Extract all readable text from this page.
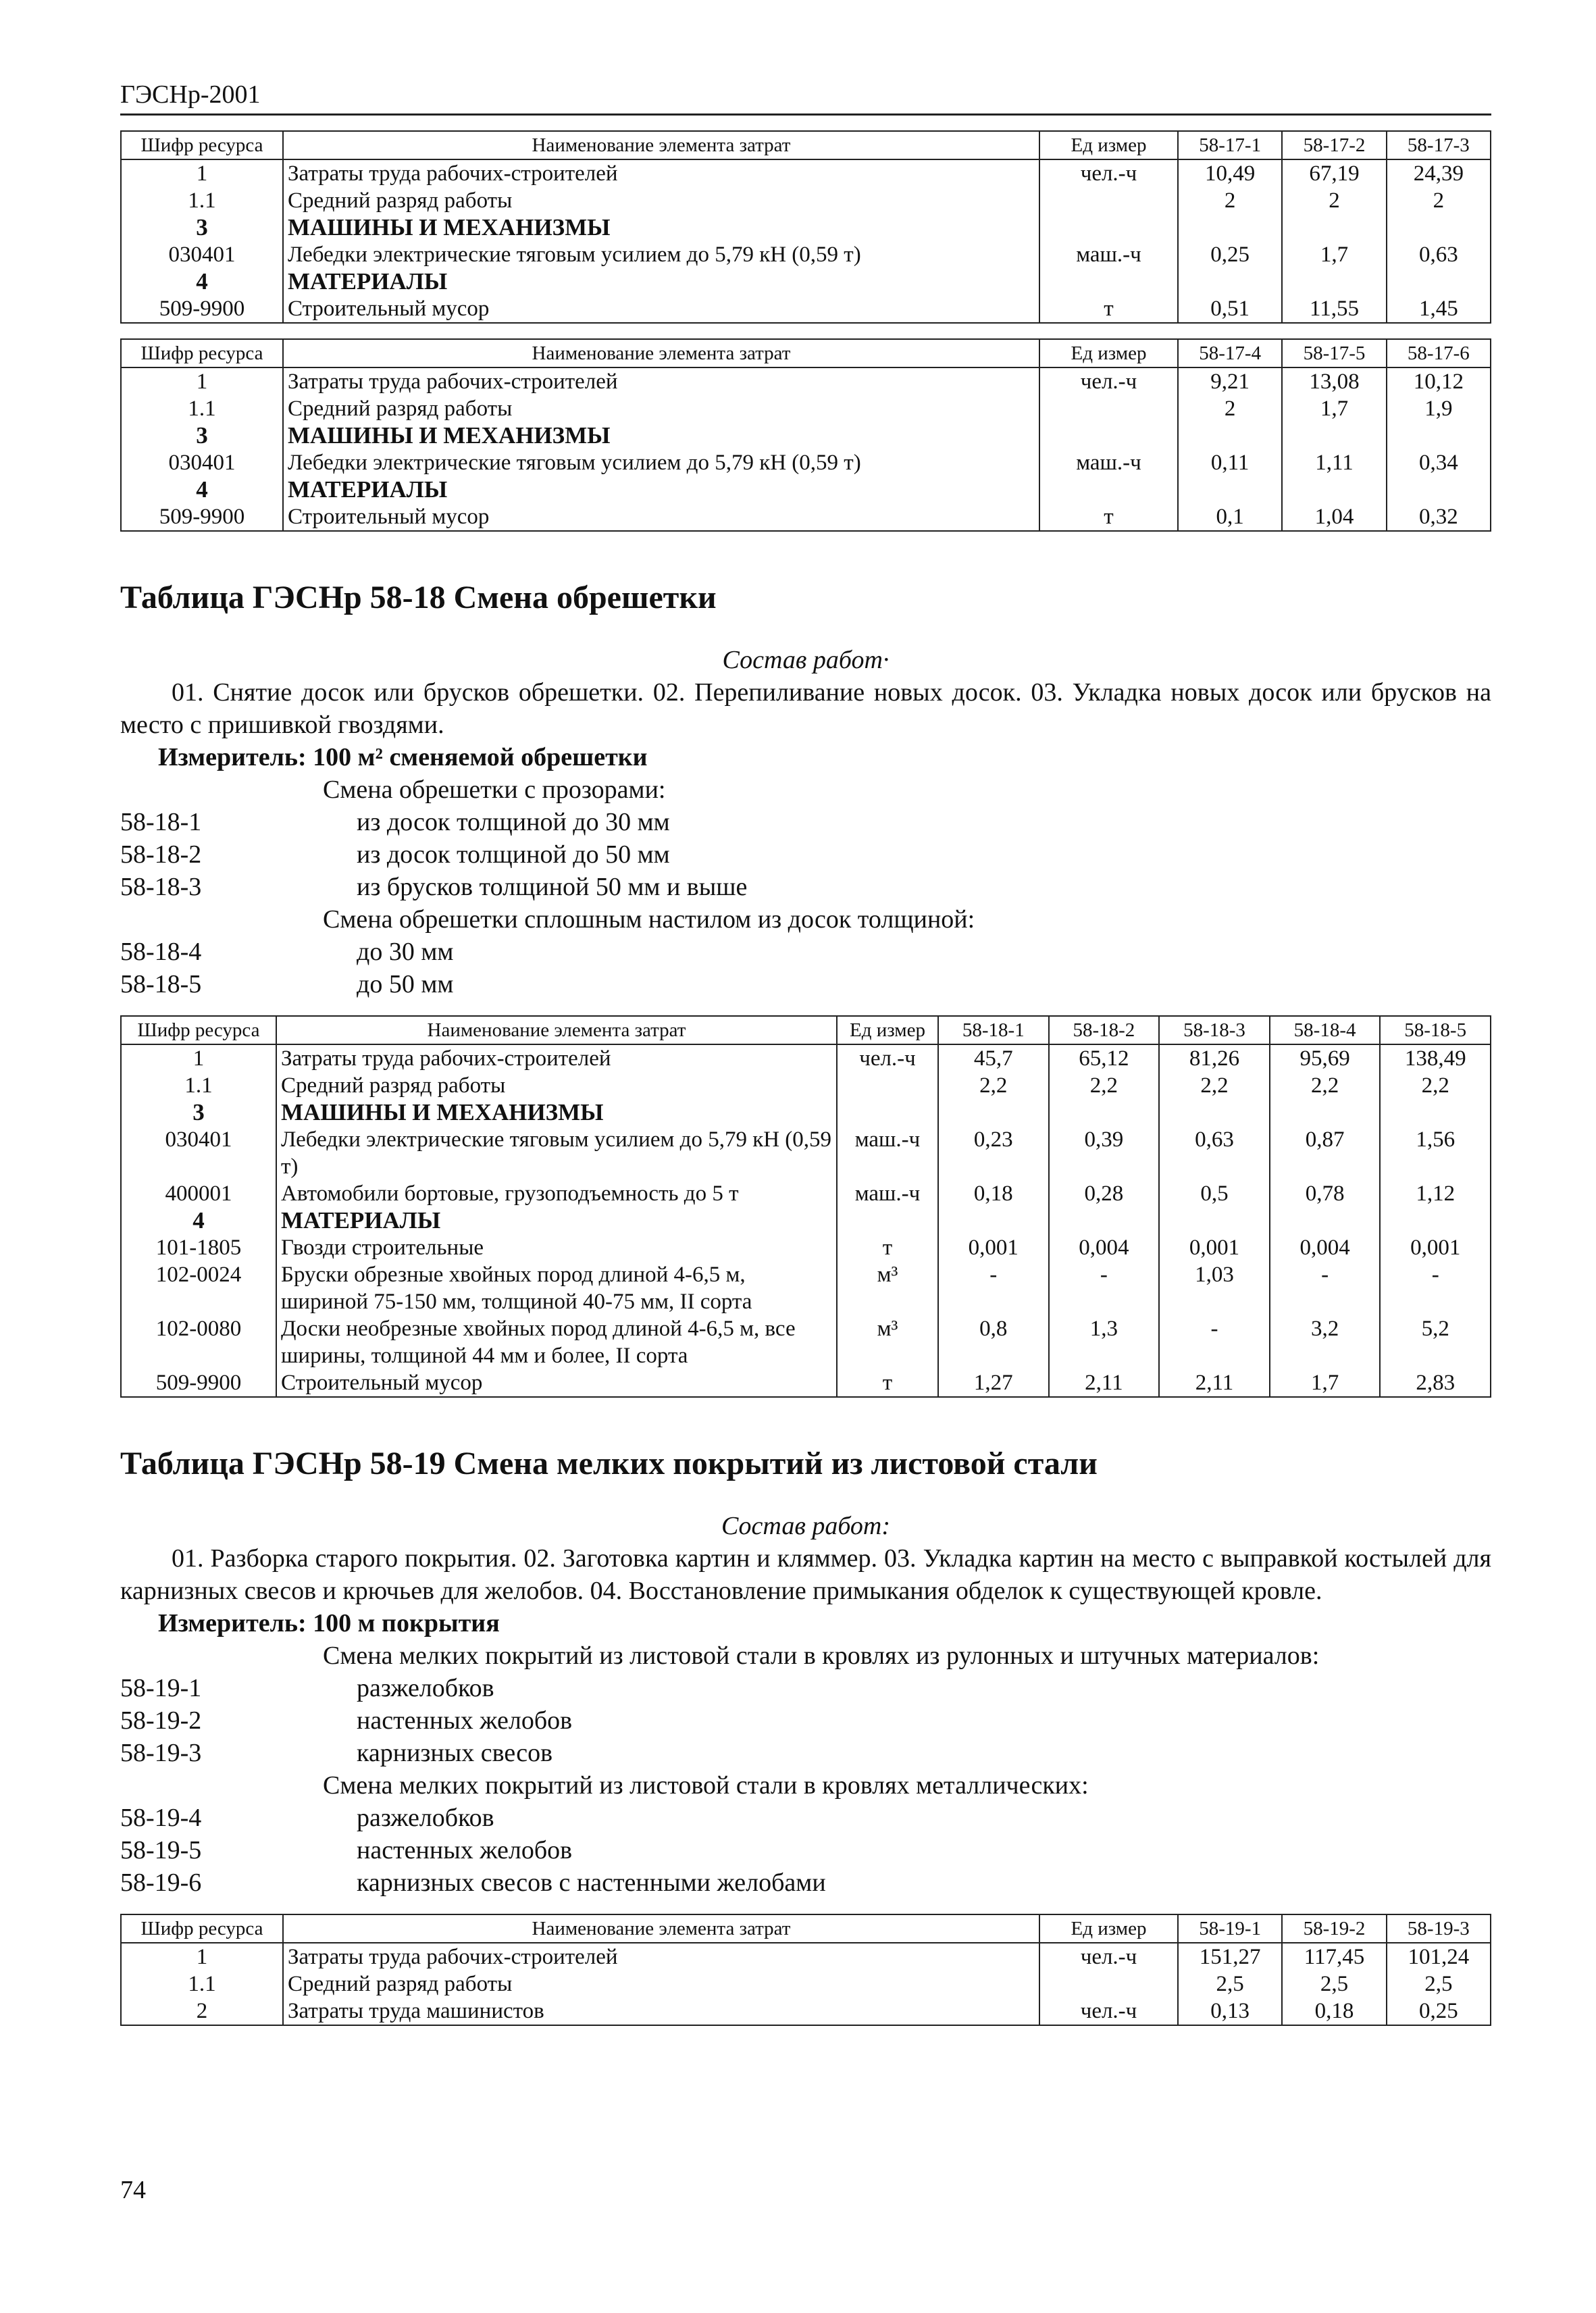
ГЭСНр-2001
Шифр ресурса	Наименование элемента затрат	Ед измер	58-17-1	58-17-2	58-17-3
1	Затраты труда рабочих-строителей	чел.-ч	10,49	67,19	24,39
1.1	Средний разряд работы		2	2	2
3	МАШИНЫ И МЕХАНИЗМЫ				
030401	Лебедки электрические тяговым усилием до 5,79 кН (0,59 т)	маш.-ч	0,25	1,7	0,63
4	МАТЕРИАЛЫ				
509-9900	Строительный мусор	т	0,51	11,55	1,45
Шифр ресурса	Наименование элемента затрат	Ед измер	58-17-4	58-17-5	58-17-6
1	Затраты труда рабочих-строителей	чел.-ч	9,21	13,08	10,12
1.1	Средний разряд работы		2	1,7	1,9
3	МАШИНЫ И МЕХАНИЗМЫ				
030401	Лебедки электрические тяговым усилием до 5,79 кН (0,59 т)	маш.-ч	0,11	1,11	0,34
4	МАТЕРИАЛЫ				
509-9900	Строительный мусор	т	0,1	1,04	0,32
Таблица ГЭСНр 58-18 Смена обрешетки
Состав работ·
01. Снятие досок или брусков обрешетки. 02. Перепиливание новых досок. 03. Укладка новых досок или брусков на место с пришивкой гвоздями.
Измеритель: 100 м² сменяемой обрешетки
Смена обрешетки с прозорами:
58-18-1	из досок толщиной до 30 мм
58-18-2	из досок толщиной до 50 мм
58-18-3	из брусков толщиной 50 мм и выше
Смена обрешетки сплошным настилом из досок толщиной:
58-18-4	до 30 мм
58-18-5	до 50 мм
Шифр ресурса	Наименование элемента затрат	Ед измер	58-18-1	58-18-2	58-18-3	58-18-4	58-18-5
1	Затраты труда рабочих-строителей	чел.-ч	45,7	65,12	81,26	95,69	138,49
1.1	Средний разряд работы		2,2	2,2	2,2	2,2	2,2
3	МАШИНЫ И МЕХАНИЗМЫ						
030401	Лебедки электрические тяговым усилием до 5,79 кН (0,59 т)	маш.-ч	0,23	0,39	0,63	0,87	1,56
400001	Автомобили бортовые, грузоподъемность до 5 т	маш.-ч	0,18	0,28	0,5	0,78	1,12
4	МАТЕРИАЛЫ						
101-1805	Гвозди строительные	т	0,001	0,004	0,001	0,004	0,001
102-0024	Бруски обрезные хвойных пород длиной 4-6,5 м, шириной 75-150 мм, толщиной 40-75 мм, II сорта	м³	-	-	1,03	-	-
102-0080	Доски необрезные хвойных пород длиной 4-6,5 м, все ширины, толщиной 44 мм и более, II сорта	м³	0,8	1,3	-	3,2	5,2
509-9900	Строительный мусор	т	1,27	2,11	2,11	1,7	2,83
Таблица ГЭСНр 58-19 Смена мелких покрытий из листовой стали
Состав работ:
01. Разборка старого покрытия. 02. Заготовка картин и кляммер. 03. Укладка картин на место с выправкой костылей для карнизных свесов и крючьев для желобов. 04. Восстановление примыкания обделок к существующей кровле.
Измеритель: 100 м покрытия
Смена мелких покрытий из листовой стали в кровлях из рулонных и штучных материалов:
58-19-1	разжелобков
58-19-2	настенных желобов
58-19-3	карнизных свесов
Смена мелких покрытий из листовой стали в кровлях металлических:
58-19-4	разжелобков
58-19-5	настенных желобов
58-19-6	карнизных свесов с настенными желобами
Шифр ресурса	Наименование элемента затрат	Ед измер	58-19-1	58-19-2	58-19-3
1	Затраты труда рабочих-строителей	чел.-ч	151,27	117,45	101,24
1.1	Средний разряд работы		2,5	2,5	2,5
2	Затраты труда машинистов	чел.-ч	0,13	0,18	0,25
74
